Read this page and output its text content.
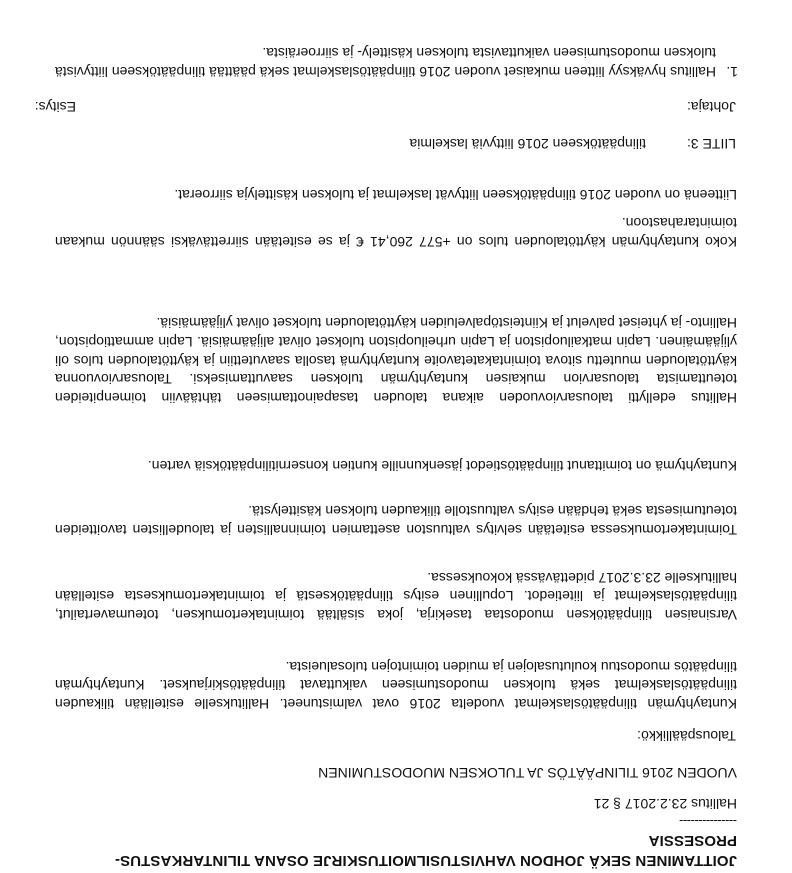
JOITTAMINEN SEKÄ JOHDON VAHVISTUSILMOITUSKIRJE OSANA TILINTARKASTUS-
PROSESSIA
---------------
Hallitus 23.2.2017 § 21
VUODEN 2016 TILINPÄÄTÖS JA TULOKSEN MUODOSTUMINEN
Talouspäällikkö:
Kuntayhtymän tilinpäätöslaskelmat vuodelta 2016 ovat valmistuneet. Hallitukselle esitellään tilikauden tilinpäätöslaskelmat sekä tuloksen muodostumiseen vaikuttavat tilinpäätöskirjaukset. Kuntayhtymän tilinpäätös muodostuu koulutusalojen ja muiden toimintojen tulosalueista.
Varsinaisen tilinpäätöksen muodostaa tasekirja, joka sisältää toimintakertomuksen, toteumavertailut, tilinpäätöslaskelmat ja liitetiedot. Lopullinen esitys tilinpäätöksestä ja toimintakertomuksesta esitellään hallitukselle 23.3.2017 pidettävässä kokouksessa.
Toimintakertomuksessa esitetään selvitys valtuuston asettamien toiminnallisten ja taloudellisten tavoitteiden toteutumisesta sekä tehdään esitys valtuustolle tilikauden tuloksen käsittelystä.
Kuntayhtymä on toimittanut tilinpäätöstiedot jäsenkunnille kuntien konsernitilinpäätöksiä varten.
Hallitus edellytti talousarviovuoden aikana talouden tasapainottamiseen tähtääviin toimenpiteiden toteuttamista talousarvion mukaisen kuntayhtymän tuloksen saavuttamiseksi. Talousarviovuonna käyttötalouden muutettu sitova toimintakatetavoite kuntayhtymä tasolla saavutettiin ja käyttötalouden tulos oli ylijäämäinen. Lapin matkailuopiston ja Lapin urheiluopiston tulokset olivat alijäämäisiä. Lapin ammattiopiston, Hallinto- ja yhteiset palvelut ja Kiinteistöpalveluiden käyttötalouden tulokset olivat ylijäämäisiä.
Koko kuntayhtymän käyttötalouden tulos on +577 260,41 € ja se esitetään siirrettäväksi säännön mukaan toimintarahastoon.
Liitteenä on vuoden 2016 tilinpäätökseen liittyvät laskelmat ja tuloksen käsittelyja siirroerat.
LIITE 3:
tilinpäätökseen 2016 liittyviä laskelmia
Johtaja:
Esitys:
1.
Hallitus hyväksyy liitteen mukaiset vuoden 2016 tilinpäätöslaskelmat sekä päättää tilinpäätökseen liittyvistä tuloksen muodostumiseen vaikuttavista tuloksen käsittely- ja siirroeräista.
